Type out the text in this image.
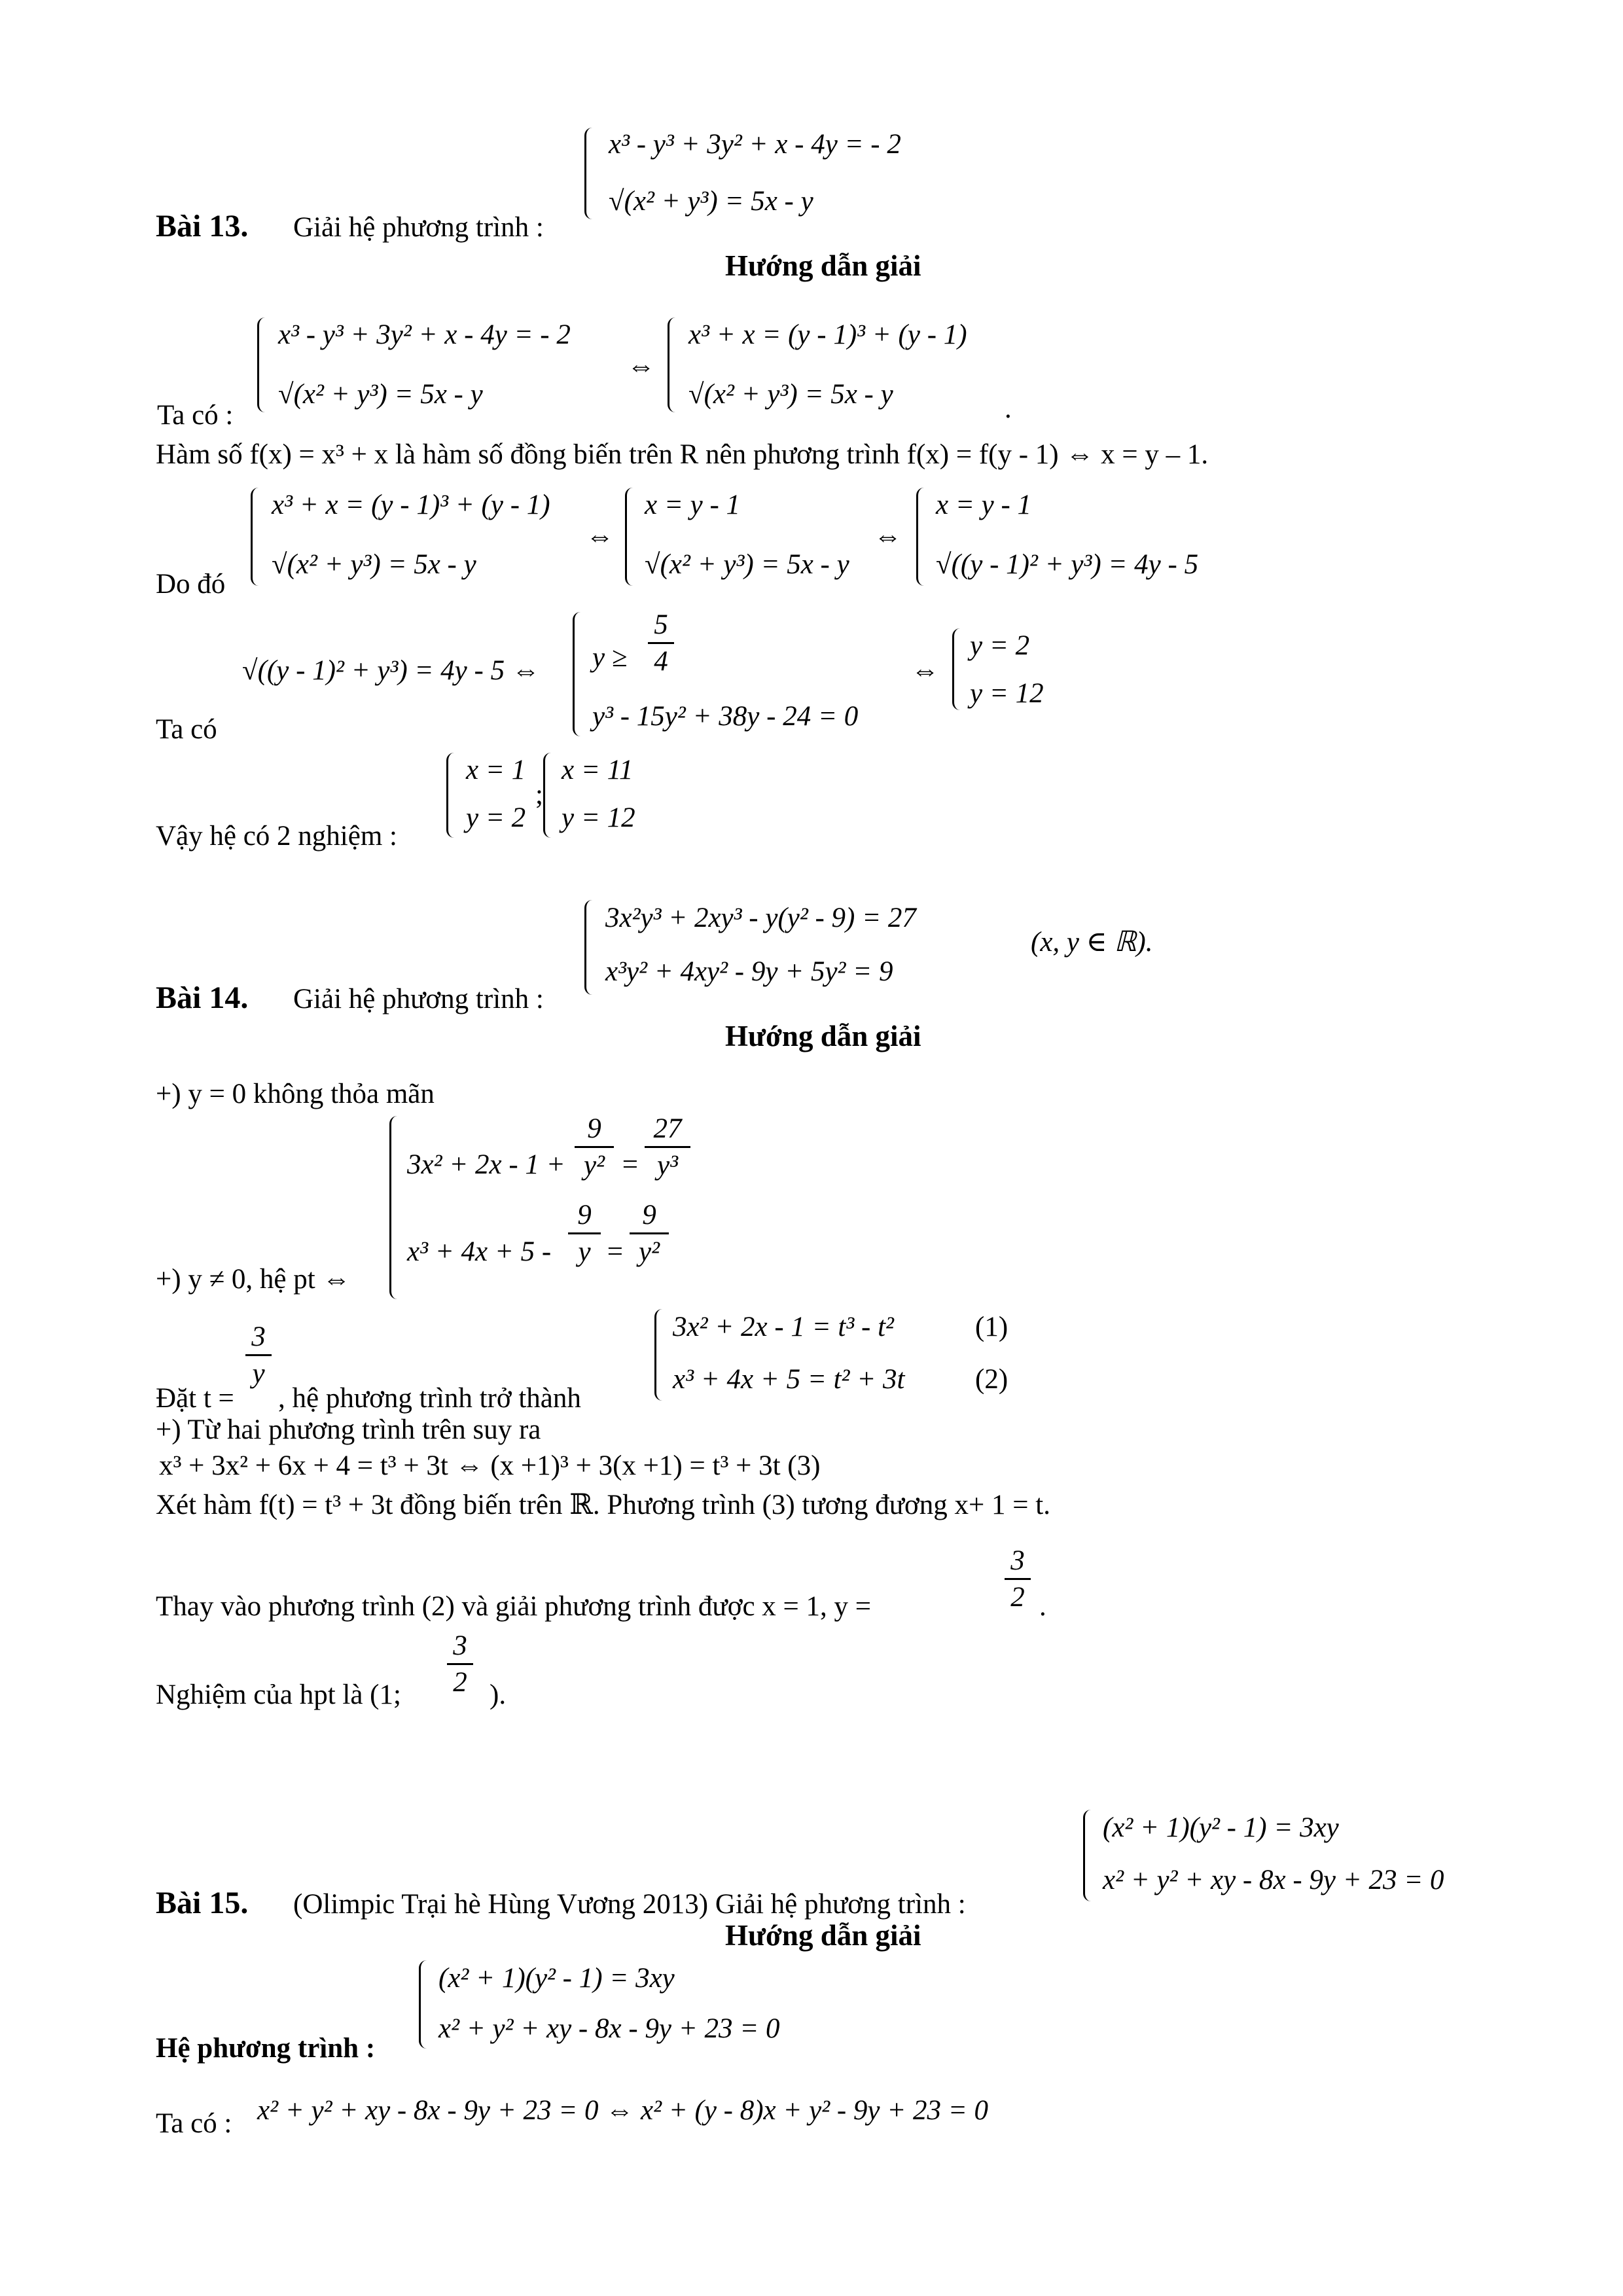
x³ - y³ + 3y² + x - 4y = - 2
√(x² + y³) = 5x - y
Bài 13. Giải hệ phương trình :
Hướng dẫn giải
x³ - y³ + 3y² + x - 4y = - 2
√(x² + y³) = 5x - y
⇔
x³ + x = (y - 1)³ + (y - 1)
√(x² + y³) = 5x - y
Ta có :	.
Hàm số f(x) = x³ + x là hàm số đồng biến trên R nên phương trình f(x) = f(y - 1) ⇔ x = y – 1.
x³ + x = (y - 1)³ + (y - 1)
√(x² + y³) = 5x - y
⇔
x = y - 1
√(x² + y³) = 5x - y
⇔
x = y - 1
√((y - 1)² + y³) = 4y - 5
Do đó
√((y - 1)² + y³) = 4y - 5 ⇔ y ≥
5
4
y³ - 15y² + 38y - 24 = 0
⇔
y = 2
y = 12
Ta có
x = 1
y = 2
;
x = 11
y = 12
Vậy hệ có 2 nghiệm :
3x²y³ + 2xy³ - y(y² - 9) = 27
x³y² + 4xy² - 9y + 5y² = 9
(x, y ∈ ℝ).
Bài 14. Giải hệ phương trình :
Hướng dẫn giải
+) y = 0 không thỏa mãn
3x² + 2x - 1 +
9
y² =
27
y³
x³ + 4x + 5 -
9
y =
9
y²
+) y ≠ 0, hệ pt ⇔
Đặt t =
3
y
, hệ phương trình trở thành
3x² + 2x - 1 = t³ - t²	(1)
x³ + 4x + 5 = t² + 3t	(2)
+) Từ hai phương trình trên suy ra
x³ + 3x² + 6x + 4 = t³ + 3t ⇔ (x +1)³ + 3(x +1) = t³ + 3t (3)
Xét hàm f(t) = t³ + 3t đồng biến trên ℝ. Phương trình (3) tương đương x+ 1 = t.
Thay vào phương trình (2) và giải phương trình được x = 1, y =
3
2 .
Nghiệm của hpt là (1;
3
2 ).
(x² + 1)(y² - 1) = 3xy
x² + y² + xy - 8x - 9y + 23 = 0
Bài 15. (Olimpic Trại hè Hùng Vương 2013) Giải hệ phương trình :
Hướng dẫn giải
(x² + 1)(y² - 1) = 3xy
x² + y² + xy - 8x - 9y + 23 = 0
Hệ phương trình :
Ta có : x² + y² + xy - 8x - 9y + 23 = 0 ⇔ x² + (y - 8)x + y² - 9y + 23 = 0
